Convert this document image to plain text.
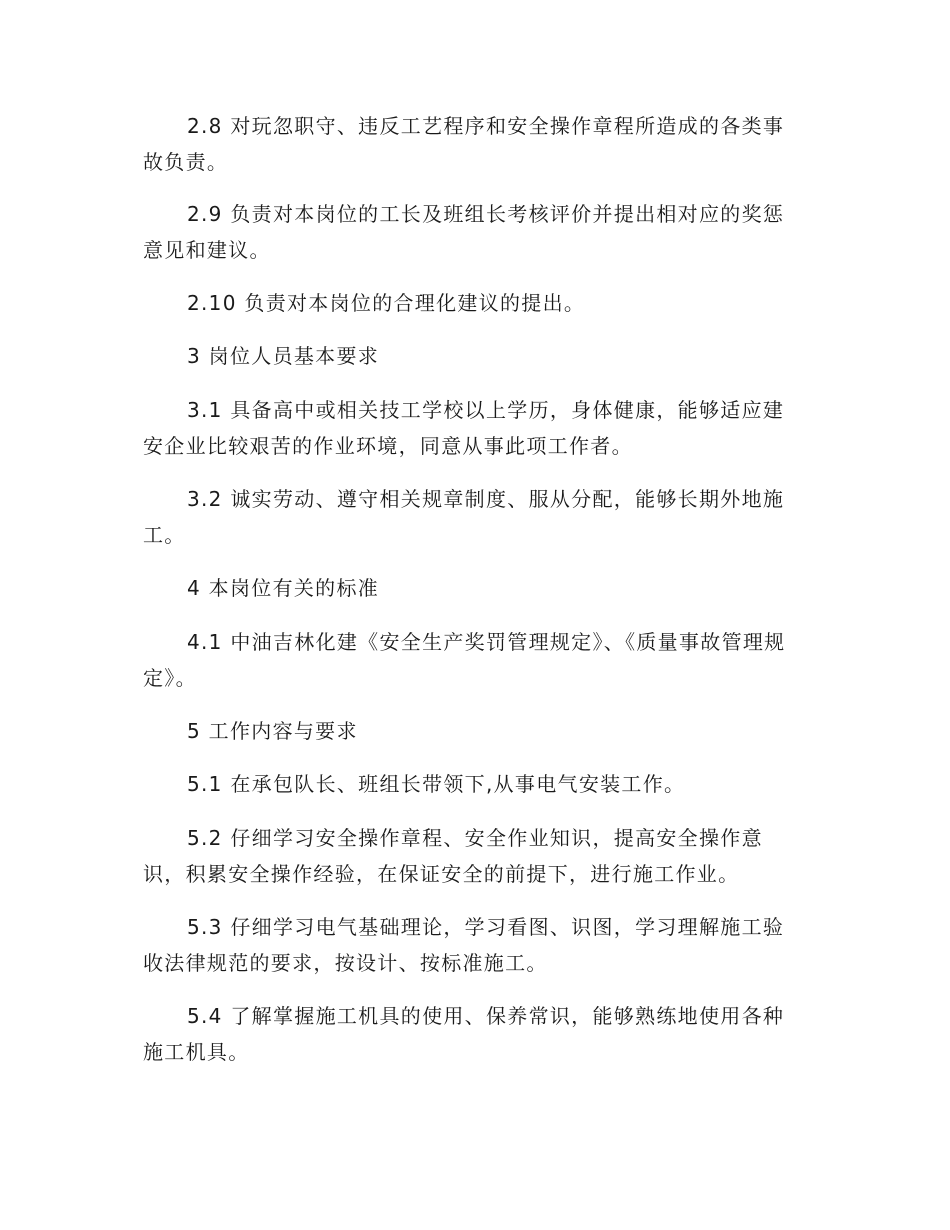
2.8 对玩忽职守、违反工艺程序和安全操作章程所造成的各类事故负责。

2.9 负责对本岗位的工长及班组长考核评价并提出相对应的奖惩意见和建议。

2.10 负责对本岗位的合理化建议的提出。

3 岗位人员基本要求

3.1 具备高中或相关技工学校以上学历，身体健康，能够适应建安企业比较艰苦的作业环境，同意从事此项工作者。

3.2 诚实劳动、遵守相关规章制度、服从分配，能够长期外地施工。

4 本岗位有关的标准

4.1 中油吉林化建《安全生产奖罚管理规定》、《质量事故管理规定》。

5 工作内容与要求

5.1 在承包队长、班组长带领下,从事电气安装工作。

5.2 仔细学习安全操作章程、安全作业知识，提高安全操作意识，积累安全操作经验，在保证安全的前提下，进行施工作业。

5.3 仔细学习电气基础理论，学习看图、识图，学习理解施工验收法律规范的要求，按设计、按标准施工。

5.4 了解掌握施工机具的使用、保养常识，能够熟练地使用各种施工机具。
